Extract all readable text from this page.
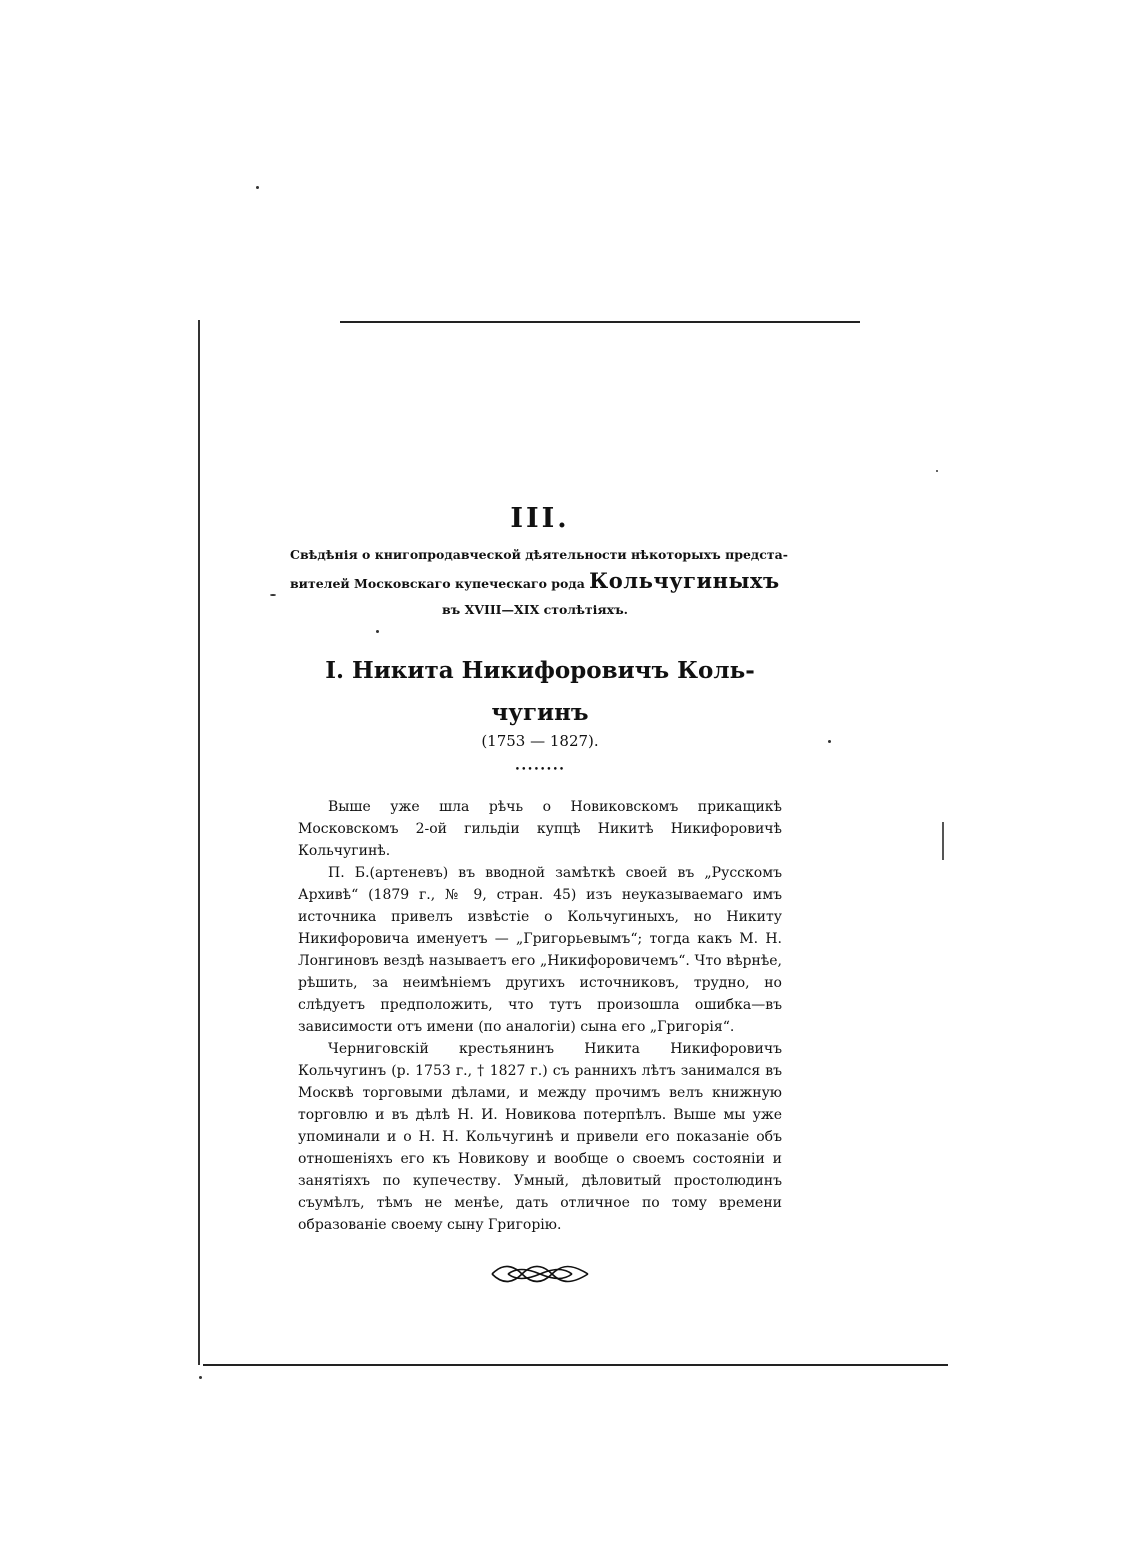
III.
Свѣдѣнія о книгопродавческой дѣятельности нѣкоторыхъ предста-
вителей Московскаго купеческаго рода Кольчугиныхъ
въ XVIII—XIX столѣтіяхъ.
I. Никита Никифоровичъ Коль-
чугинъ
(1753 — 1827).
••••••••

Выше уже шла рѣчь о Новиковскомъ прикащикѣ Московскомъ 2-ой гильдіи купцѣ Никитѣ Никифоровичѣ Кольчугинѣ.

П. Б.(артеневъ) въ вводной замѣткѣ своей въ „Русскомъ Архивѣ“ (1879 г., № 9, стран. 45) изъ неуказываемаго имъ источника привелъ извѣстіе о Кольчугиныхъ, но Никиту Никифоровича именуетъ — „Григорьевымъ“; тогда какъ М. Н. Лонгиновъ вездѣ называетъ его „Никифоровичемъ“. Что вѣрнѣе, рѣшить, за неимѣніемъ другихъ источниковъ, трудно, но слѣдуетъ предположить, что тутъ произошла ошибка—въ зависимости отъ имени (по аналогіи) сына его „Григорія“.

Черниговскій крестьянинъ Никита Никифоровичъ Кольчугинъ (р. 1753 г., † 1827 г.) съ раннихъ лѣтъ занимался въ Москвѣ торговыми дѣлами, и между прочимъ велъ книжную торговлю и въ дѣлѣ Н. И. Новикова потерпѣлъ. Выше мы уже упоминали и о Н. Н. Кольчугинѣ и привели его показаніе объ отношеніяхъ его къ Новикову и вообще о своемъ состояніи и занятіяхъ по купечеству. Умный, дѣловитый простолюдинъ съумѣлъ, тѣмъ не менѣе, дать отличное по тому времени образованіе своему сыну Григорію.
